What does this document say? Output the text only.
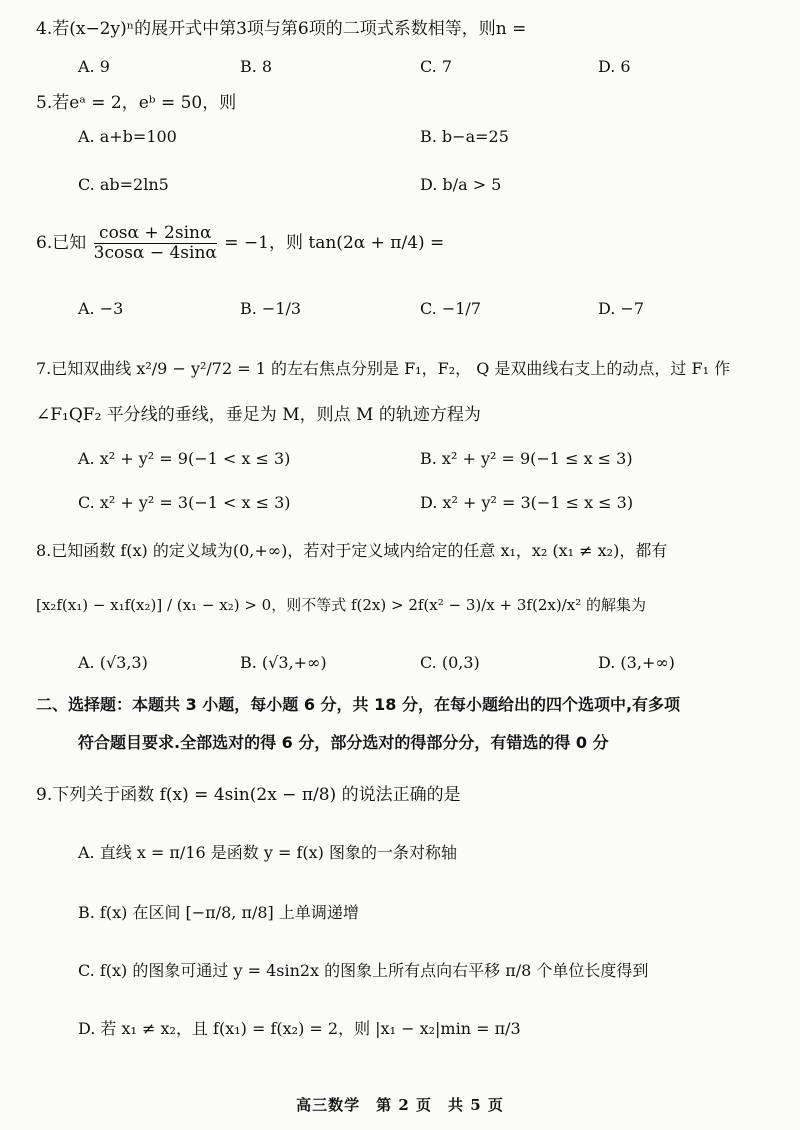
4.若(x−2y)ⁿ的展开式中第3项与第6项的二项式系数相等，则n =
A. 9	B. 8	C. 7	D. 6
5.若eᵃ = 2，eᵇ = 50，则
A. a+b=100	B. b−a=25
C. ab=2ln5	D. b/a > 5
6.已知 $\frac{\cos\alpha + 2\sin\alpha}{3\cos\alpha - 4\sin\alpha} = -1$，则 tan(2α + π/4) =
A. −3	B. −1/3	C. −1/7	D. −7
7.已知双曲线 x²/9 − y²/72 = 1 的左右焦点分别是 F₁，F₂， Q 是双曲线右支上的动点，过 F₁ 作
∠F₁QF₂ 平分线的垂线，垂足为 M，则点 M 的轨迹方程为
A. x² + y² = 9(−1 < x ≤ 3)	B. x² + y² = 9(−1 ≤ x ≤ 3)
C. x² + y² = 3(−1 < x ≤ 3)	D. x² + y² = 3(−1 ≤ x ≤ 3)
8.已知函数 f(x) 的定义域为(0,+∞)，若对于定义域内给定的任意 x₁，x₂ (x₁ ≠ x₂)，都有
[x₂f(x₁) − x₁f(x₂)] / (x₁ − x₂) > 0，则不等式 f(2x) > 2f(x² − 3)/x + 3f(2x)/x² 的解集为
A. (√3,3)	B. (√3,+∞)	C. (0,3)	D. (3,+∞)
二、选择题：本题共 3 小题，每小题 6 分，共 18 分，在每小题给出的四个选项中,有多项
符合题目要求.全部选对的得 6 分，部分选对的得部分分，有错选的得 0 分
9.下列关于函数 f(x) = 4sin(2x − π/8) 的说法正确的是
A. 直线 x = π/16 是函数 y = f(x) 图象的一条对称轴
B. f(x) 在区间 [−π/8, π/8] 上单调递增
C. f(x) 的图象可通过 y = 4sin2x 的图象上所有点向右平移 π/8 个单位长度得到
D. 若 x₁ ≠ x₂，且 f(x₁) = f(x₂) = 2，则 |x₁ − x₂|min = π/3
高三数学　第 2 页　共 5 页
